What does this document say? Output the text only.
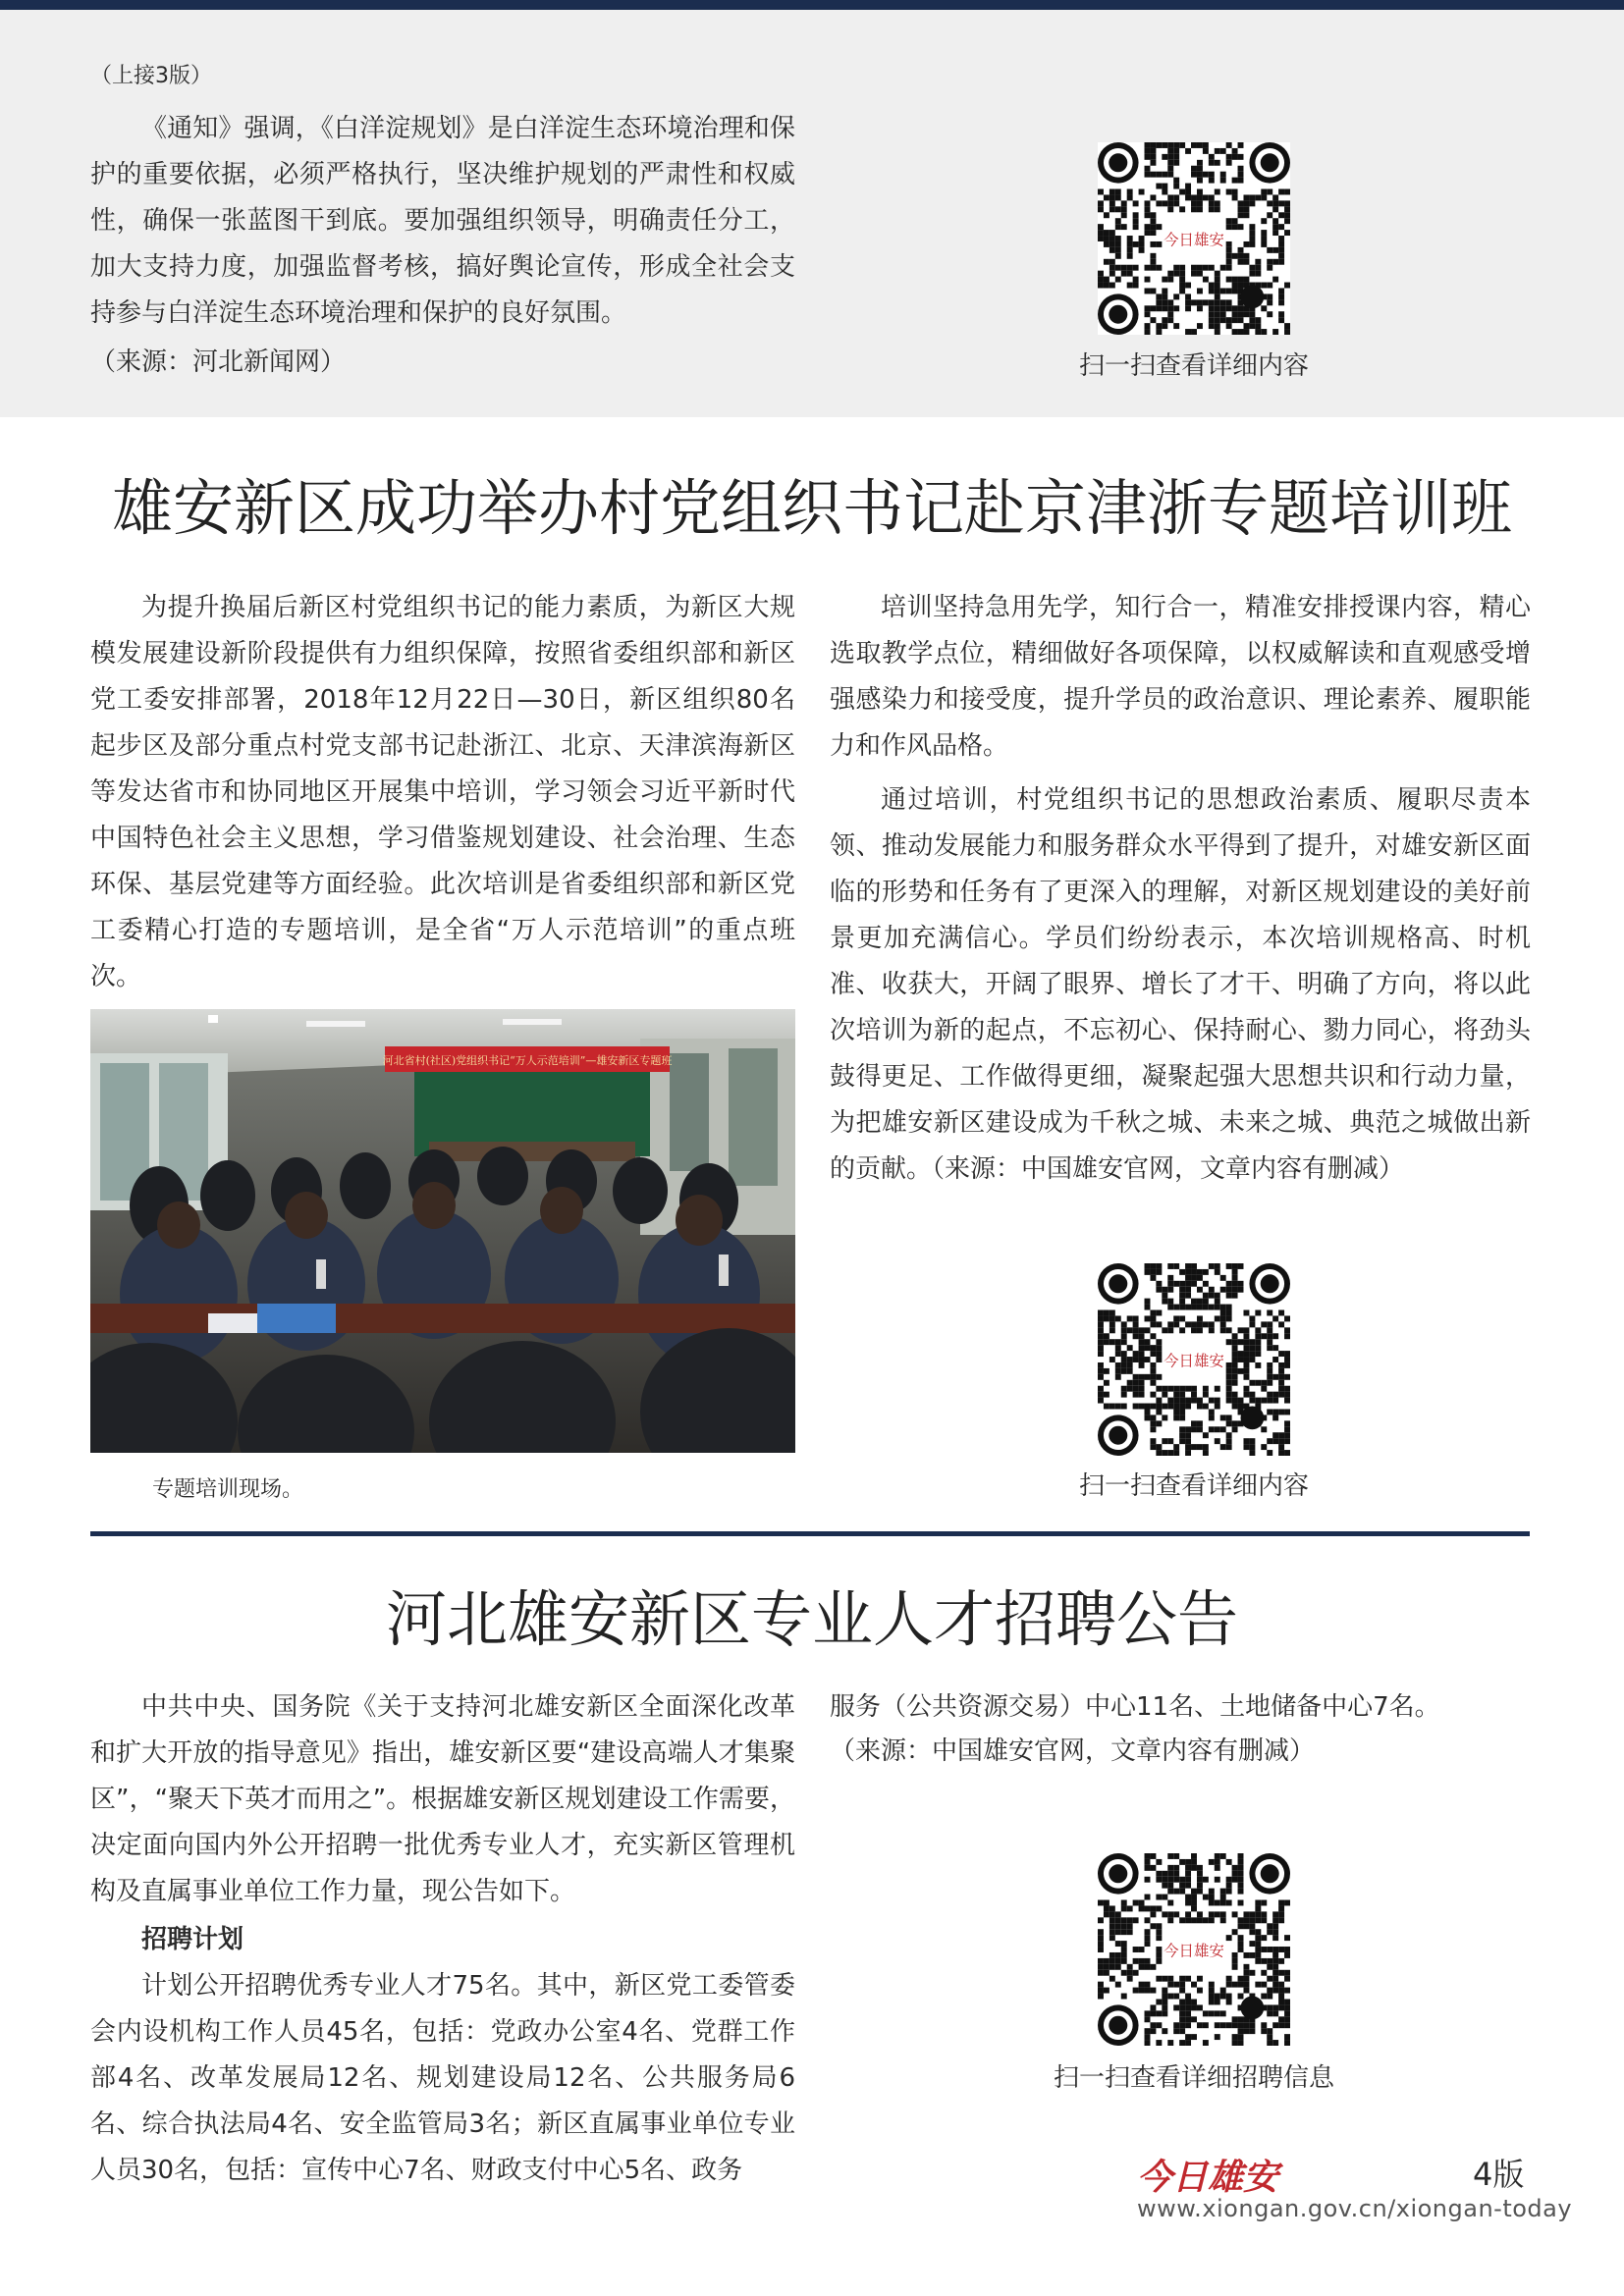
（上接3版）

《通知》强调，《白洋淀规划》是白洋淀生态环境治理和保护的重要依据，必须严格执行，坚决维护规划的严肃性和权威性，确保一张蓝图干到底。要加强组织领导，明确责任分工，加大支持力度，加强监督考核，搞好舆论宣传，形成全社会支持参与白洋淀生态环境治理和保护的良好氛围。

（来源：河北新闻网）
今日雄安
扫一扫查看详细内容
雄安新区成功举办村党组织书记赴京津浙专题培训班

为提升换届后新区村党组织书记的能力素质，为新区大规模发展建设新阶段提供有力组织保障，按照省委组织部和新区党工委安排部署，2018年12月22日—30日，新区组织80名起步区及部分重点村党支部书记赴浙江、北京、天津滨海新区等发达省市和协同地区开展集中培训，学习领会习近平新时代中国特色社会主义思想，学习借鉴规划建设、社会治理、生态环保、基层党建等方面经验。此次培训是省委组织部和新区党工委精心打造的专题培训，是全省“万人示范培训”的重点班次。

河北省村(社区)党组织书记“万人示范培训”—雄安新区专题班
专题培训现场。

培训坚持急用先学，知行合一，精准安排授课内容，精心选取教学点位，精细做好各项保障，以权威解读和直观感受增强感染力和接受度，提升学员的政治意识、理论素养、履职能力和作风品格。

通过培训，村党组织书记的思想政治素质、履职尽责本领、推动发展能力和服务群众水平得到了提升，对雄安新区面临的形势和任务有了更深入的理解，对新区规划建设的美好前景更加充满信心。学员们纷纷表示，本次培训规格高、时机准、收获大，开阔了眼界、增长了才干、明确了方向，将以此次培训为新的起点，不忘初心、保持耐心、勠力同心，将劲头鼓得更足、工作做得更细，凝聚起强大思想共识和行动力量，为把雄安新区建设成为千秋之城、未来之城、典范之城做出新的贡献。（来源：中国雄安官网，文章内容有删减）

今日雄安
扫一扫查看详细内容
河北雄安新区专业人才招聘公告

中共中央、国务院《关于支持河北雄安新区全面深化改革和扩大开放的指导意见》指出，雄安新区要“建设高端人才集聚区”，“聚天下英才而用之”。根据雄安新区规划建设工作需要，决定面向国内外公开招聘一批优秀专业人才，充实新区管理机构及直属事业单位工作力量，现公告如下。

招聘计划

计划公开招聘优秀专业人才75名。其中，新区党工委管委会内设机构工作人员45名，包括：党政办公室4名、党群工作部4名、改革发展局12名、规划建设局12名、公共服务局6名、综合执法局4名、安全监管局3名；新区直属事业单位专业人员30名，包括：宣传中心7名、财政支付中心5名、政务

服务（公共资源交易）中心11名、土地储备中心7名。

（来源：中国雄安官网，文章内容有删减）
今日雄安
扫一扫查看详细招聘信息
今日雄安	4版
www.xiongan.gov.cn/xiongan-today
